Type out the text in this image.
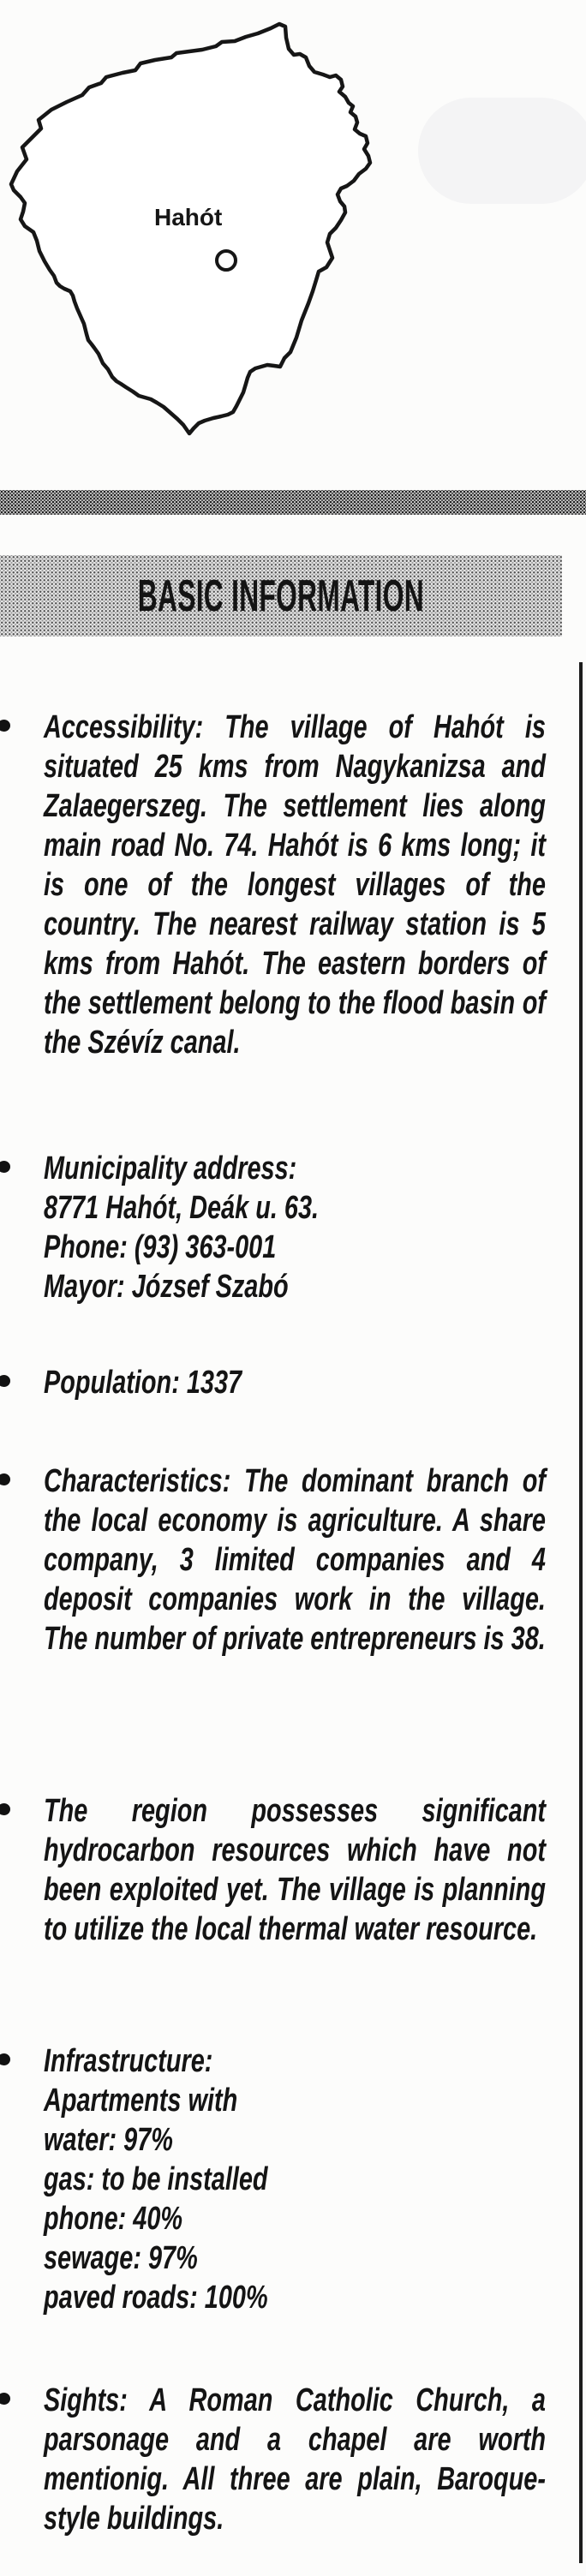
Hahót
BASIC INFORMATION
Accessibility: The village of Hahót is situated 25 kms from Nagykanizsa and Zalaegerszeg. The settlement lies along main road No. 74. Hahót is 6 kms long; it is one of the longest villages of the country. The nearest railway station is 5 kms from Hahót. The eastern borders of the settlement belong to the flood basin of the Szévíz canal.
Municipality address:
8771 Hahót, Deák u. 63.
Phone: (93) 363-001
Mayor: József Szabó
Population: 1337
Characteristics: The dominant branch of the local economy is agriculture. A share company, 3 limited companies and 4 deposit companies work in the village. The number of private entrepreneurs is 38.
The region possesses significant hydrocarbon resources which have not been exploited yet. The village is planning to utilize the local thermal water resource.
Infrastructure:
Apartments with
water: 97%
gas: to be installed
phone: 40%
sewage: 97%
paved roads: 100%
Sights: A Roman Catholic Church, a parsonage and a chapel are worth mentionig. All three are plain, Baroque-style buildings.
